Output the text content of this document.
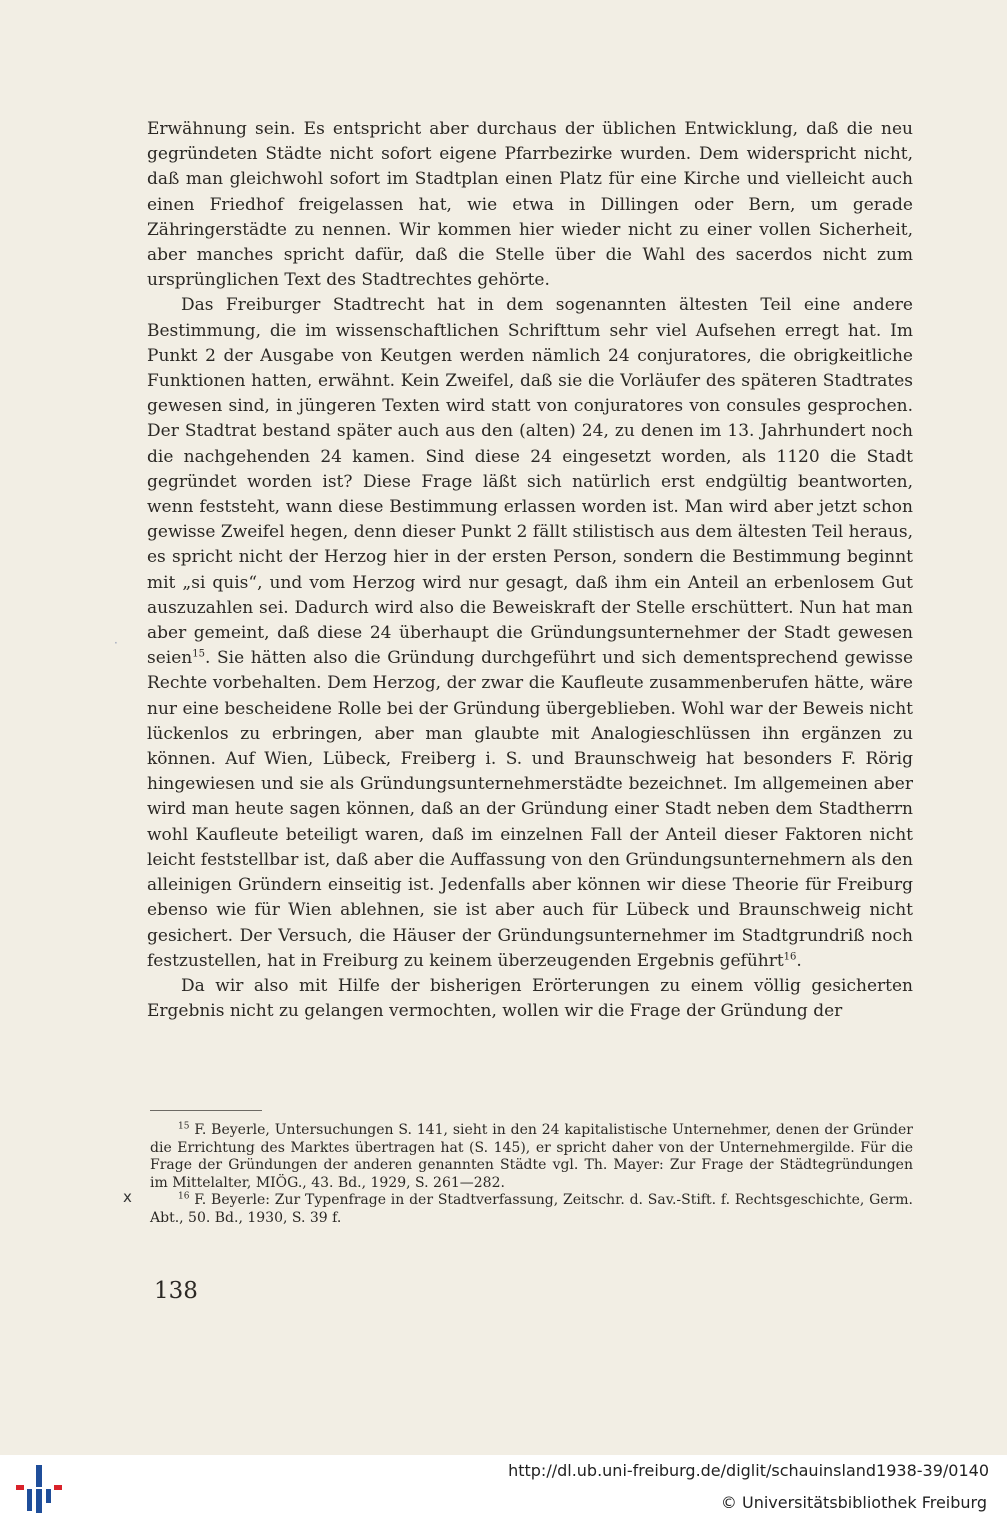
Erwähnung sein. Es entspricht aber durchaus der üblichen Entwicklung, daß die neu gegründeten Städte nicht sofort eigene Pfarrbezirke wurden. Dem widerspricht nicht, daß man gleichwohl sofort im Stadtplan einen Platz für eine Kirche und vielleicht auch einen Friedhof freigelassen hat, wie etwa in Dillingen oder Bern, um gerade Zähringerstädte zu nennen. Wir kommen hier wieder nicht zu einer vollen Sicherheit, aber manches spricht dafür, daß die Stelle über die Wahl des sacerdos nicht zum ursprünglichen Text des Stadtrechtes gehörte.

Das Freiburger Stadtrecht hat in dem sogenannten ältesten Teil eine andere Bestimmung, die im wissenschaftlichen Schrifttum sehr viel Aufsehen erregt hat. Im Punkt 2 der Ausgabe von Keutgen werden nämlich 24 conjuratores, die obrigkeitliche Funktionen hatten, erwähnt. Kein Zweifel, daß sie die Vorläufer des späteren Stadtrates gewesen sind, in jüngeren Texten wird statt von conjuratores von consules gesprochen. Der Stadtrat bestand später auch aus den (alten) 24, zu denen im 13. Jahrhundert noch die nachgehenden 24 kamen. Sind diese 24 eingesetzt worden, als 1120 die Stadt gegründet worden ist? Diese Frage läßt sich natürlich erst endgültig beantworten, wenn feststeht, wann diese Bestimmung erlassen worden ist. Man wird aber jetzt schon gewisse Zweifel hegen, denn dieser Punkt 2 fällt stilistisch aus dem ältesten Teil heraus, es spricht nicht der Herzog hier in der ersten Person, sondern die Bestimmung beginnt mit „si quis“, und vom Herzog wird nur gesagt, daß ihm ein Anteil an erbenlosem Gut auszuzahlen sei. Dadurch wird also die Beweiskraft der Stelle erschüttert. Nun hat man aber gemeint, daß diese 24 überhaupt die Gründungsunternehmer der Stadt gewesen seien$^{15}$. Sie hätten also die Gründung durchgeführt und sich dementsprechend gewisse Rechte vorbehalten. Dem Herzog, der zwar die Kaufleute zusammenberufen hätte, wäre nur eine bescheidene Rolle bei der Gründung übergeblieben. Wohl war der Beweis nicht lückenlos zu erbringen, aber man glaubte mit Analogieschlüssen ihn ergänzen zu können. Auf Wien, Lübeck, Freiberg i. S. und Braunschweig hat besonders F. Rörig hingewiesen und sie als Gründungsunternehmerstädte bezeichnet. Im allgemeinen aber wird man heute sagen können, daß an der Gründung einer Stadt neben dem Stadtherrn wohl Kaufleute beteiligt waren, daß im einzelnen Fall der Anteil dieser Faktoren nicht leicht feststellbar ist, daß aber die Auffassung von den Gründungsunternehmern als den alleinigen Gründern einseitig ist. Jedenfalls aber können wir diese Theorie für Freiburg ebenso wie für Wien ablehnen, sie ist aber auch für Lübeck und Braunschweig nicht gesichert. Der Versuch, die Häuser der Gründungsunternehmer im Stadtgrundriß noch festzustellen, hat in Freiburg zu keinem überzeugenden Ergebnis geführt$^{16}$.

Da wir also mit Hilfe der bisherigen Erörterungen zu einem völlig gesicherten Ergebnis nicht zu gelangen vermochten, wollen wir die Frage der Gründung der

$^{15}$ F. Beyerle, Untersuchungen S. 141, sieht in den 24 kapitalistische Unternehmer, denen der Gründer die Errichtung des Marktes übertragen hat (S. 145), er spricht daher von der Unternehmergilde. Für die Frage der Gründungen der anderen genannten Städte vgl. Th. Mayer: Zur Frage der Städtegründungen im Mittelalter, MIÖG., 43. Bd., 1929, S. 261—282.

$^{16}$ F. Beyerle: Zur Typenfrage in der Stadtverfassung, Zeitschr. d. Sav.-Stift. f. Rechtsgeschichte, Germ. Abt., 50. Bd., 1930, S. 39 f.

138
·
x
http://dl.ub.uni-freiburg.de/diglit/schauinsland1938-39/0140
© Universitätsbibliothek Freiburg
